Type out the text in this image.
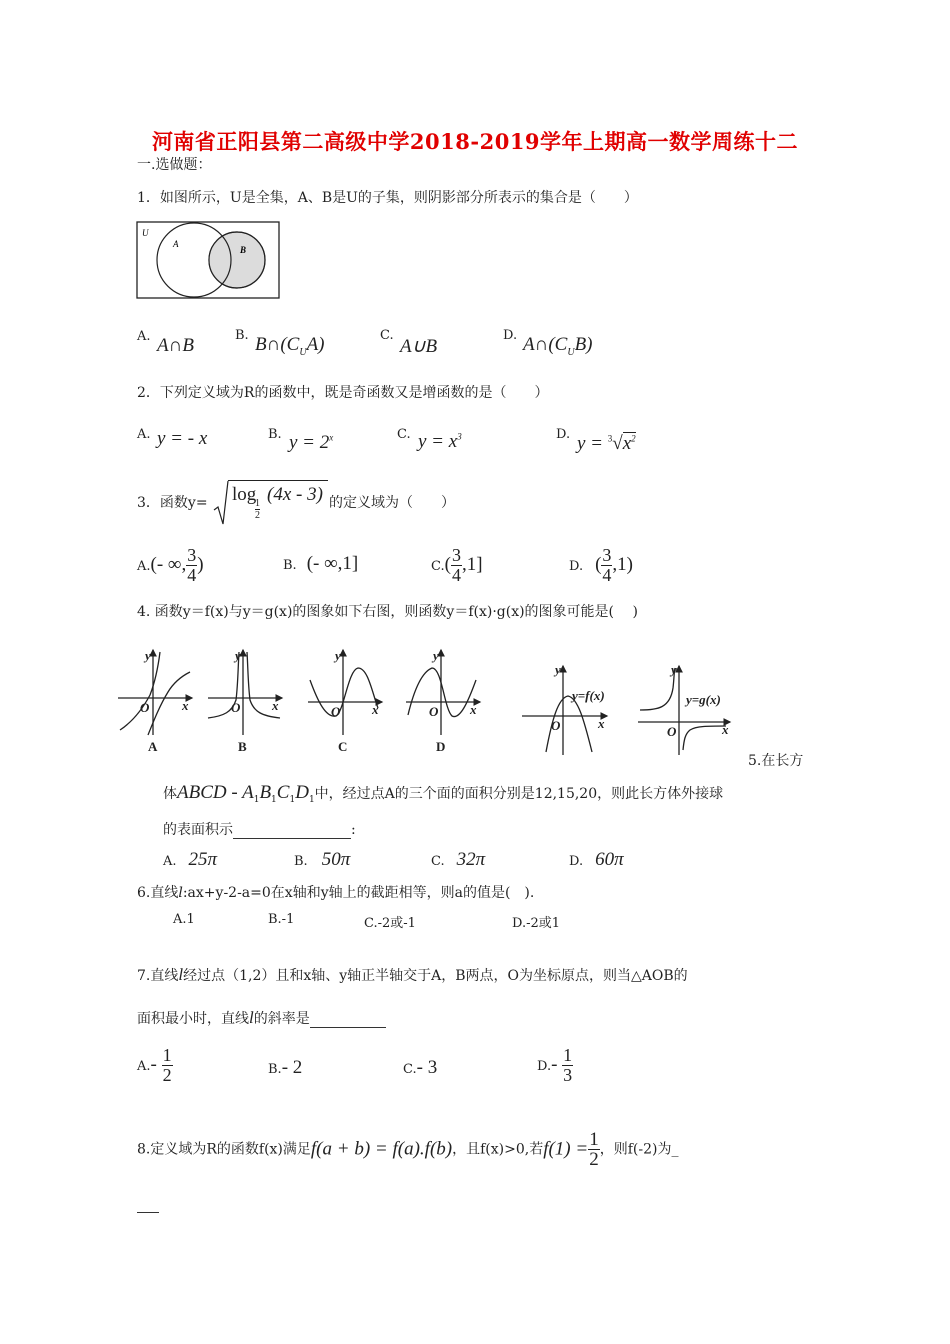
河南省正阳县第二高级中学2018-2019学年上期高一数学周练十二
一.选做题：
1．如图所示，U是全集，A、B是U的子集，则阴影部分所表示的集合是（　　）
U
A
B
A. A∩B	B. $B\cap(C_UA)$	C.
A∪B
D. $A\cap(C_UB)$
2．下列定义域为R的函数中，既是奇函数又是增函数的是（　　）
A. y = - x	B. $y = 2^x$	C. $y = x^3$	D. $y = ^3√x^2$
3．函数y= log
1
2
(4x - 3) 的定义域为（　　）
A.(- ∞, $\frac{3}{4}$ )	B. (- ∞,1]	$C.( \frac{3}{4} ,1]$	D. ( $\frac{3}{4} ,1$)
4. 函数y＝f(x)与y＝g(x)的图象如下右图，则函数y＝f(x)·g(x)的图象可能是(　 )
y
O	x
y
O x
y
O x
y
O x
y
O	x
y
O	x
y=f(x)	y=g(x)
A	B	C	D
5.在长方
体ABCD - $A_1B_1C_1D_1$中，经过点A的三个面的面积分别是12,15,20，则此长方体外接球
的表面积示	:
A. 25π	B. 50π	C. 32π	D. 60π
6.直线l:ax+y-2-a=0在x轴和y轴上的截距相等，则a的值是(　).
A.1	B.-1	C.-2或-1	D.-2或1
7.直线l经过点（1,2）且和x轴、y轴正半轴交于A，B两点，O为坐标原点，则当△AOB的
面积最小时，直线l的斜率是
$A.- \frac{1}{2}$	B.- 2	C.- 3	$D.- \frac{1}{3}$
8.定义域为R的函数f(x)满足f(a + b) = f(a).f(b)，且f(x)>0,若$f(1) = \frac{1}{2}$ ，则f(-2)为_
